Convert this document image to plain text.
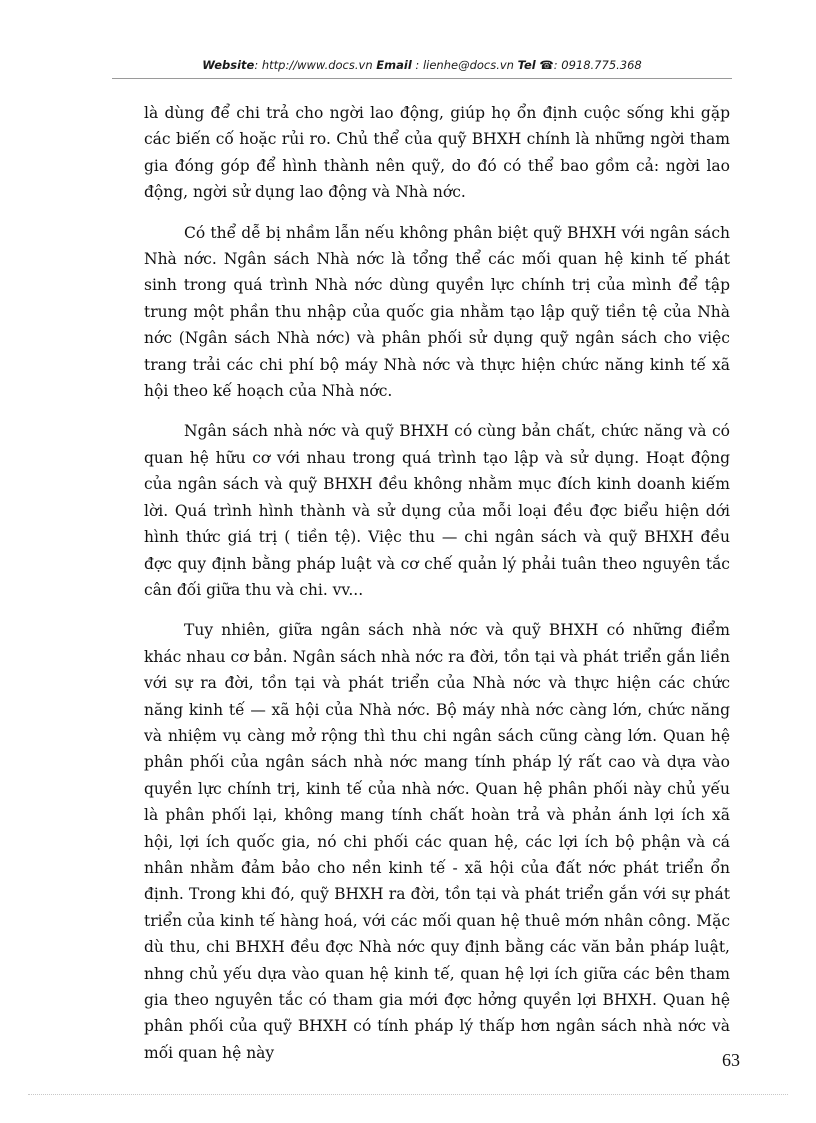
Website: http://www.docs.vn Email : lienhe@docs.vn Tel ☎: 0918.775.368

là dùng để chi trả cho ngời lao động, giúp họ ổn định cuộc sống khi gặp các biến cố hoặc rủi ro. Chủ thể của quỹ BHXH chính là những ngời tham gia đóng góp để hình thành nên quỹ, do đó có thể bao gồm cả: ngời lao động, ngời sử dụng lao động và Nhà nớc.

Có thể dễ bị nhầm lẫn nếu không phân biệt quỹ BHXH với ngân sách Nhà nớc. Ngân sách Nhà nớc là tổng thể các mối quan hệ kinh tế phát sinh trong quá trình Nhà nớc dùng quyền lực chính trị của mình để tập trung một phần thu nhập của quốc gia nhằm tạo lập quỹ tiền tệ của Nhà nớc (Ngân sách Nhà nớc) và phân phối sử dụng quỹ ngân sách cho việc trang trải các chi phí bộ máy Nhà nớc và thực hiện chức năng kinh tế xã hội theo kế hoạch của Nhà nớc.

Ngân sách nhà nớc và quỹ BHXH có cùng bản chất, chức năng và có quan hệ hữu cơ với nhau trong quá trình tạo lập và sử dụng. Hoạt động của ngân sách và quỹ BHXH đều không nhằm mục đích kinh doanh kiếm lời. Quá trình hình thành và sử dụng của mỗi loại đều đợc biểu hiện dới hình thức giá trị ( tiền tệ). Việc thu — chi ngân sách và quỹ BHXH đều đợc quy định bằng pháp luật và cơ chế quản lý phải tuân theo nguyên tắc cân đối giữa thu và chi. vv...

Tuy nhiên, giữa ngân sách nhà nớc và quỹ BHXH có những điểm khác nhau cơ bản. Ngân sách nhà nớc ra đời, tồn tại và phát triển gắn liền với sự ra đời, tồn tại và phát triển của Nhà nớc và thực hiện các chức năng kinh tế — xã hội của Nhà nớc. Bộ máy nhà nớc càng lớn, chức năng và nhiệm vụ càng mở rộng thì thu chi ngân sách cũng càng lớn. Quan hệ phân phối của ngân sách nhà nớc mang tính pháp lý rất cao và dựa vào quyền lực chính trị, kinh tế của nhà nớc. Quan hệ phân phối này chủ yếu là phân phối lại, không mang tính chất hoàn trả và phản ánh lợi ích xã hội, lợi ích quốc gia, nó chi phối các quan hệ, các lợi ích bộ phận và cá nhân nhằm đảm bảo cho nền kinh tế - xã hội của đất nớc phát triển ổn định. Trong khi đó, quỹ BHXH ra đời, tồn tại và phát triển gắn với sự phát triển của kinh tế hàng hoá, với các mối quan hệ thuê mớn nhân công. Mặc dù thu, chi BHXH đều đợc Nhà nớc quy định bằng các văn bản pháp luật, nhng chủ yếu dựa vào quan hệ kinh tế, quan hệ lợi ích giữa các bên tham gia theo nguyên tắc có tham gia mới đợc hởng quyền lợi BHXH. Quan hệ phân phối của quỹ BHXH có tính pháp lý thấp hơn ngân sách nhà nớc và mối quan hệ này	63
